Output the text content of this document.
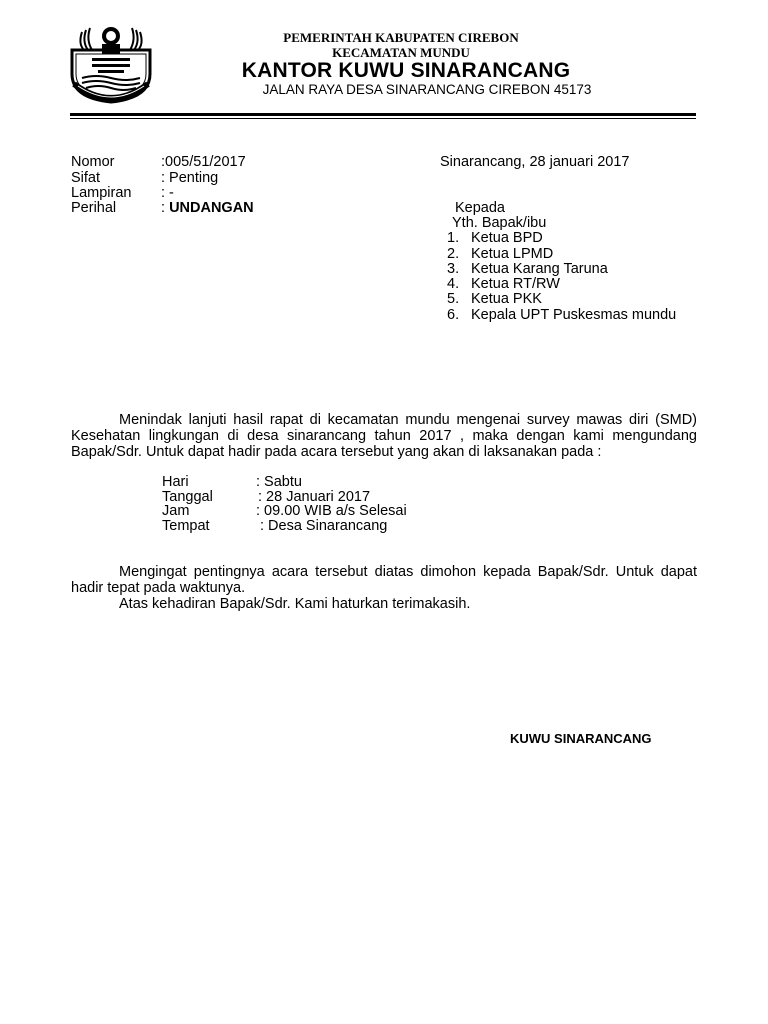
PEMERINTAH KABUPATEN CIREBON
KECAMATAN MUNDU
KANTOR KUWU SINARANCANG
JALAN RAYA DESA SINARANCANG CIREBON 45173
Nomor	:005/51/2017
Sifat	: Penting
Lampiran : -
Perihal	: UNDANGAN
Sinarancang, 28 januari 2017
Kepada
Yth. Bapak/ibu
1. Ketua BPD
2. Ketua LPMD
3. Ketua Karang Taruna
4. Ketua RT/RW
5. Ketua PKK
6. Kepala UPT Puskesmas mundu

Menindak lanjuti hasil rapat di kecamatan mundu mengenai survey mawas diri (SMD) Kesehatan lingkungan di desa sinarancang tahun 2017 , maka dengan kami mengundang Bapak/Sdr. Untuk dapat hadir pada acara tersebut yang akan di laksanakan pada :

Hari	: Sabtu
Tanggal	: 28 Januari 2017
Jam	: 09.00 WIB a/s Selesai
Tempat	: Desa Sinarancang

Mengingat pentingnya acara tersebut diatas dimohon kepada Bapak/Sdr. Untuk dapat hadir tepat pada waktunya.

Atas kehadiran Bapak/Sdr. Kami haturkan terimakasih.

KUWU SINARANCANG
